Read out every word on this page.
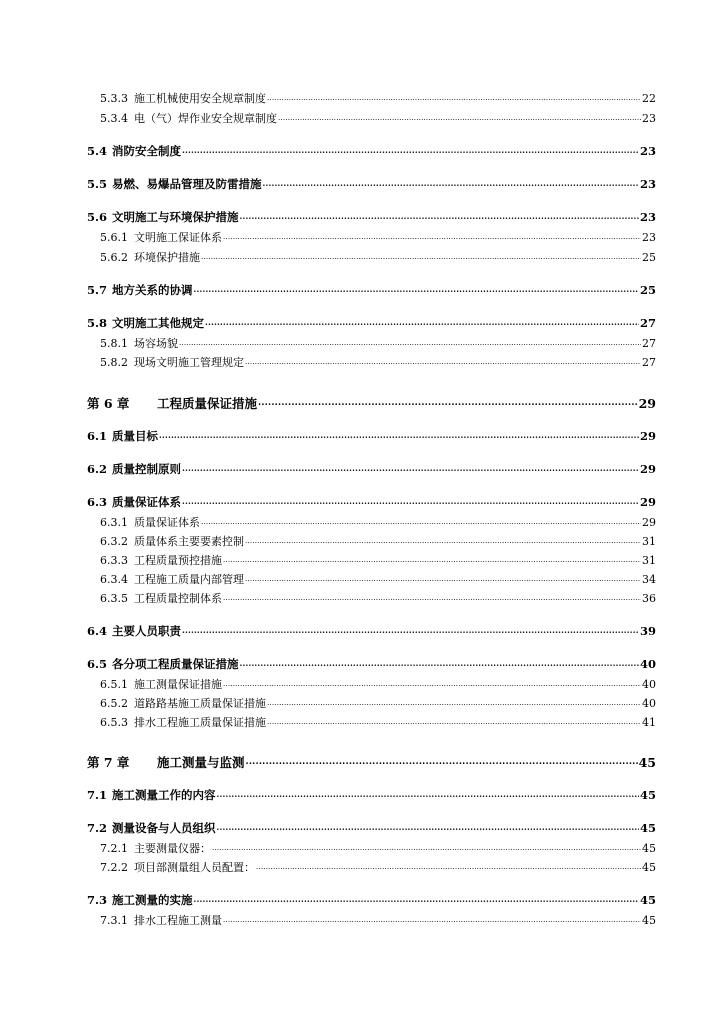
5.3.3 施工机械使用安全规章制度 .....	22
5.3.4 电（气）焊作业安全规章制度 .....	23
5.4 消防安全制度 .....	23
5.5 易燃、易爆品管理及防雷措施 .....	23
5.6 文明施工与环境保护措施 .....	23
5.6.1 文明施工保证体系 .....	23
5.6.2 环境保护措施 .....	25
5.7 地方关系的协调 .....	25
5.8 文明施工其他规定 .....	27
5.8.1 场容场貌 .....	27
5.8.2 现场文明施工管理规定 .....	27
第 6 章	工程质量保证措施 .....	29
6.1 质量目标 .....	29
6.2 质量控制原则 .....	29
6.3 质量保证体系 .....	29
6.3.1 质量保证体系 .....	29
6.3.2 质量体系主要要素控制 .....	31
6.3.3 工程质量预控措施 .....	31
6.3.4 工程施工质量内部管理 .....	34
6.3.5 工程质量控制体系 .....	36
6.4 主要人员职责 .....	39
6.5 各分项工程质量保证措施 .....	40
6.5.1 施工测量保证措施 .....	40
6.5.2 道路路基施工质量保证措施 .....	40
6.5.3 排水工程施工质量保证措施 .....	41
第 7 章	施工测量与监测 .....	45
7.1 施工测量工作的内容 .....	45
7.2 测量设备与人员组织 .....	45
7.2.1 主要测量仪器： .....	45
7.2.2 项目部测量组人员配置： .....	45
7.3 施工测量的实施 .....	45
7.3.1 排水工程施工测量 .....	45
